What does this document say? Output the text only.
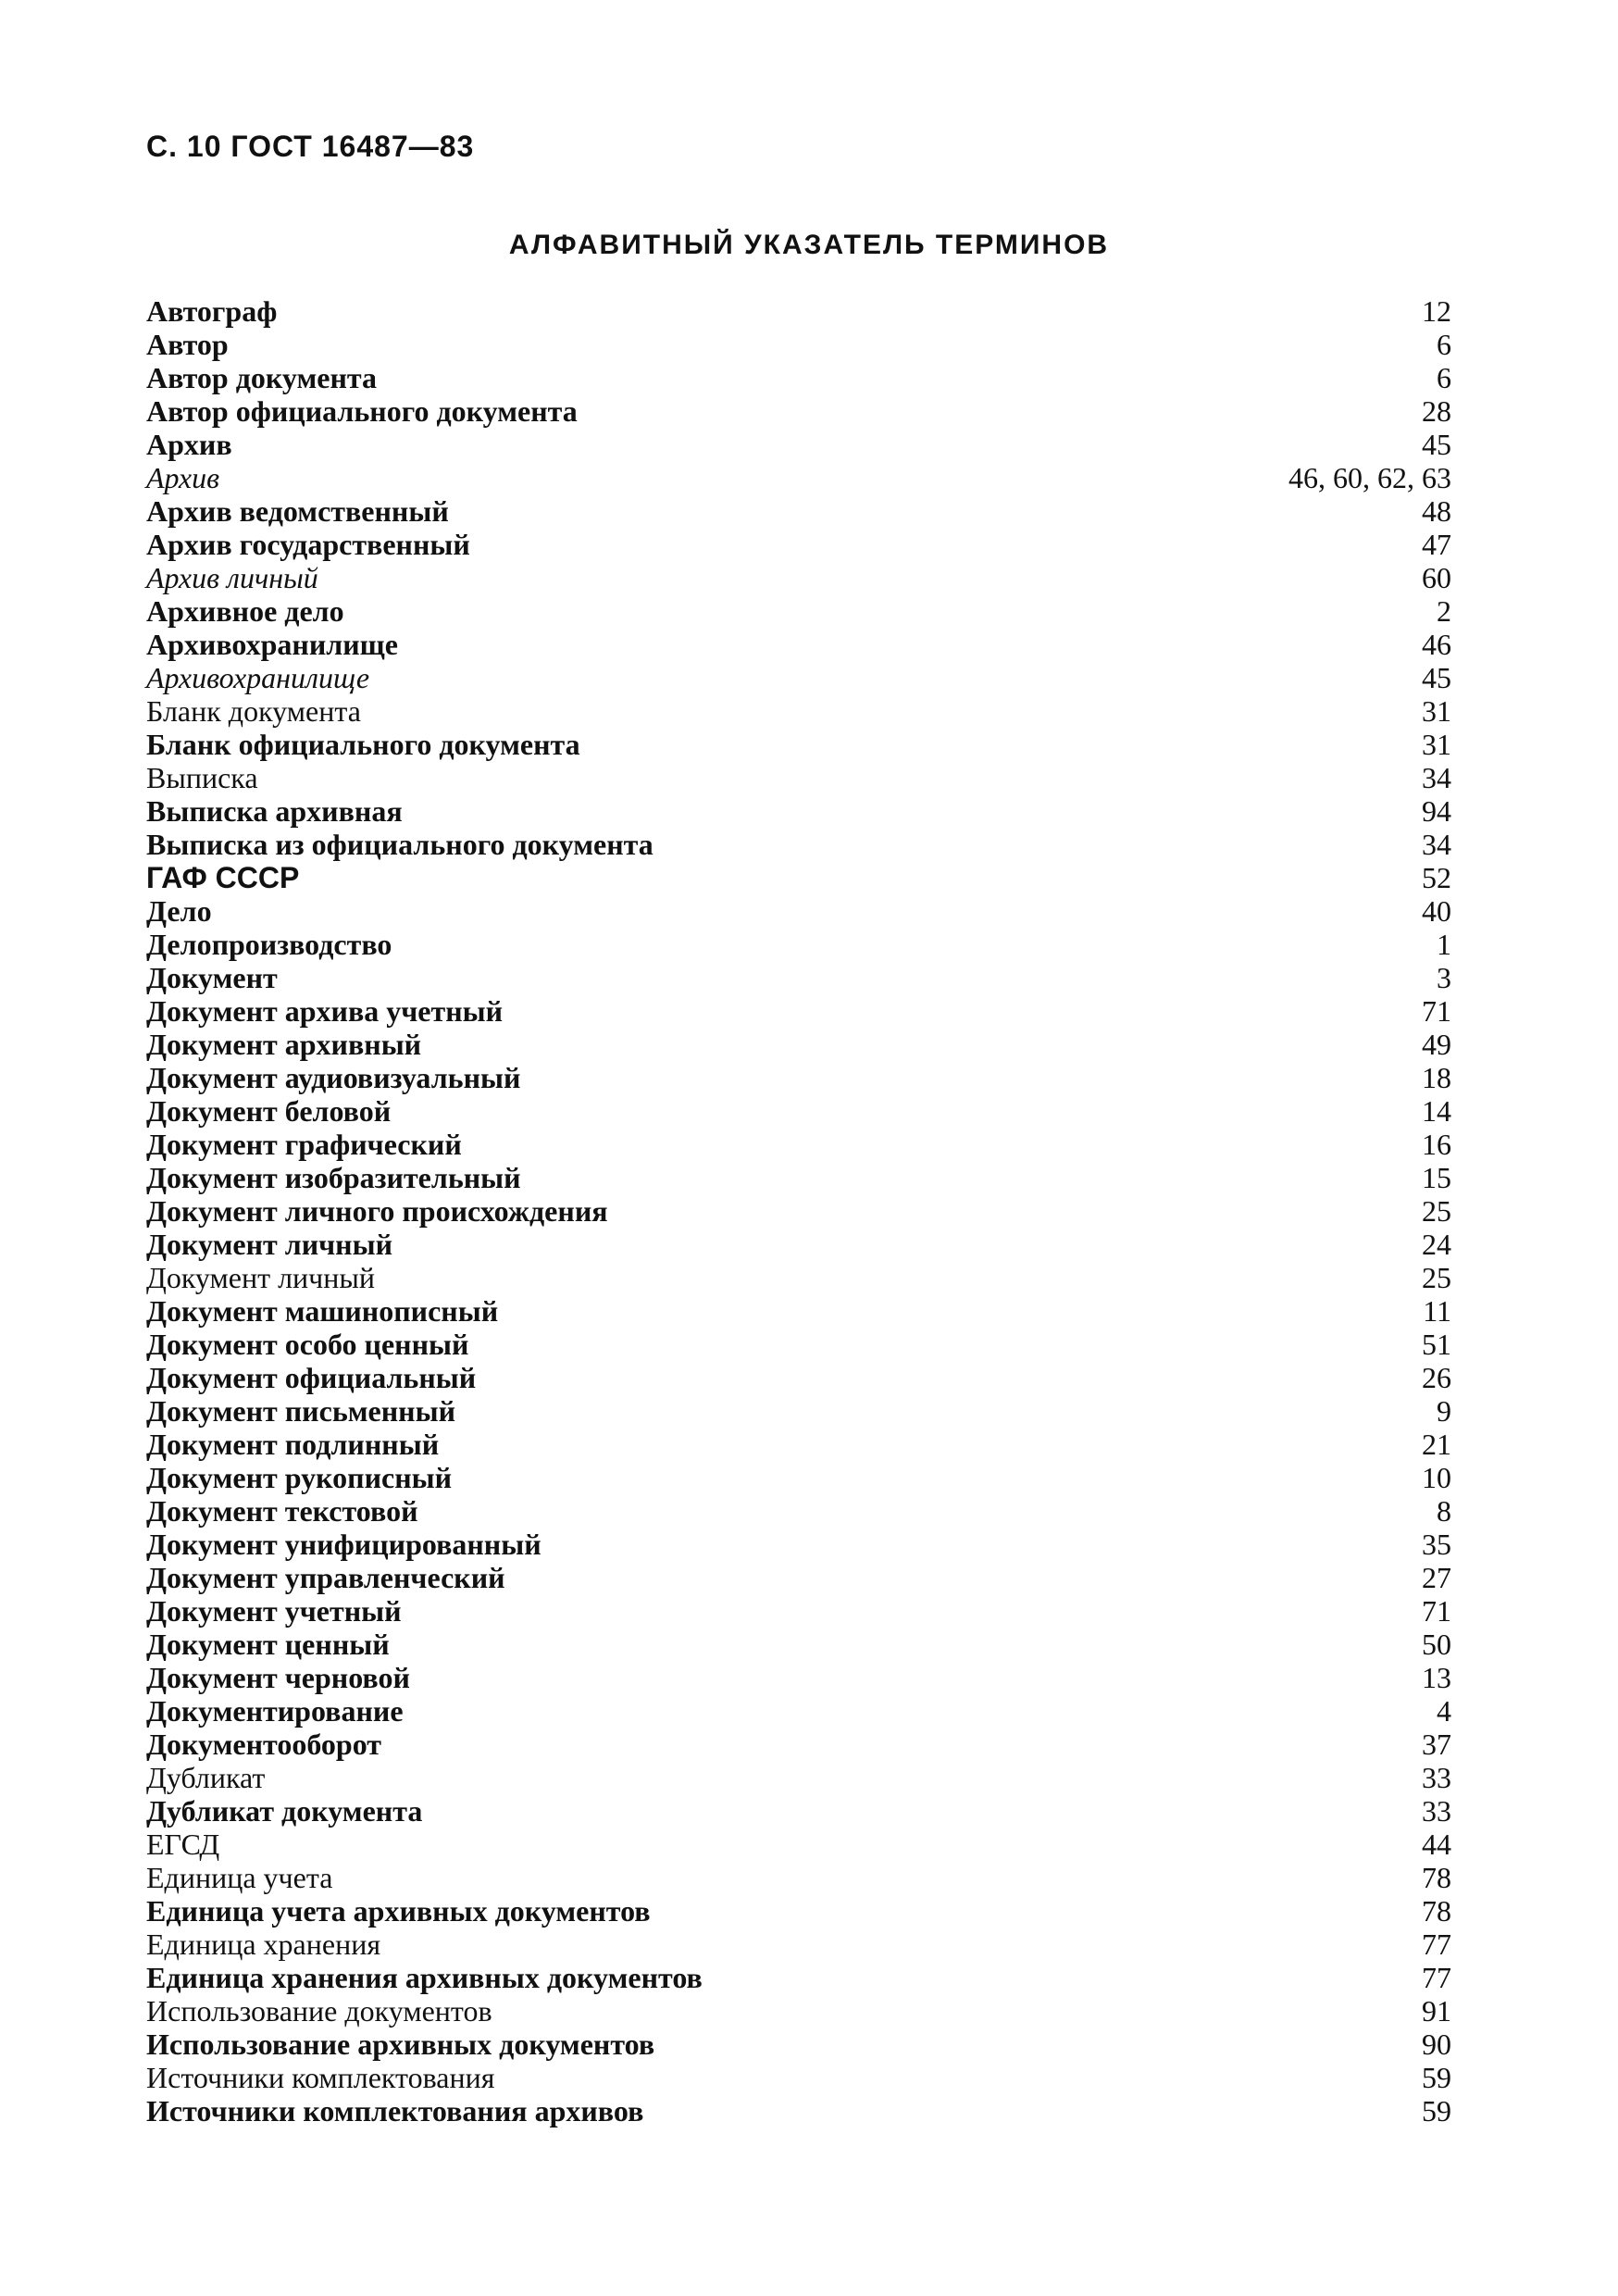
С. 10 ГОСТ 16487—83
АЛФАВИТНЫЙ УКАЗАТЕЛЬ ТЕРМИНОВ
Автограф	12
Автор	6
Автор документа	6
Автор официального документа	28
Архив	45
Архив	46, 60, 62, 63
Архив ведомственный	48
Архив государственный	47
Архив личный	60
Архивное дело	2
Архивохранилище	46
Архивохранилище	45
Бланк документа	31
Бланк официального документа	31
Выписка	34
Выписка архивная	94
Выписка из официального документа	34
ГАФ СССР	52
Дело	40
Делопроизводство	1
Документ	3
Документ архива учетный	71
Документ архивный	49
Документ аудиовизуальный	18
Документ беловой	14
Документ графический	16
Документ изобразительный	15
Документ личного происхождения	25
Документ личный	24
Документ личный	25
Документ машинописный	11
Документ особо ценный	51
Документ официальный	26
Документ письменный	9
Документ подлинный	21
Документ рукописный	10
Документ текстовой	8
Документ унифицированный	35
Документ управленческий	27
Документ учетный	71
Документ ценный	50
Документ черновой	13
Документирование	4
Документооборот	37
Дубликат	33
Дубликат документа	33
ЕГСД	44
Единица учета	78
Единица учета архивных документов	78
Единица хранения	77
Единица хранения архивных документов	77
Использование документов	91
Использование архивных документов	90
Источники комплектования	59
Источники комплектования архивов	59
